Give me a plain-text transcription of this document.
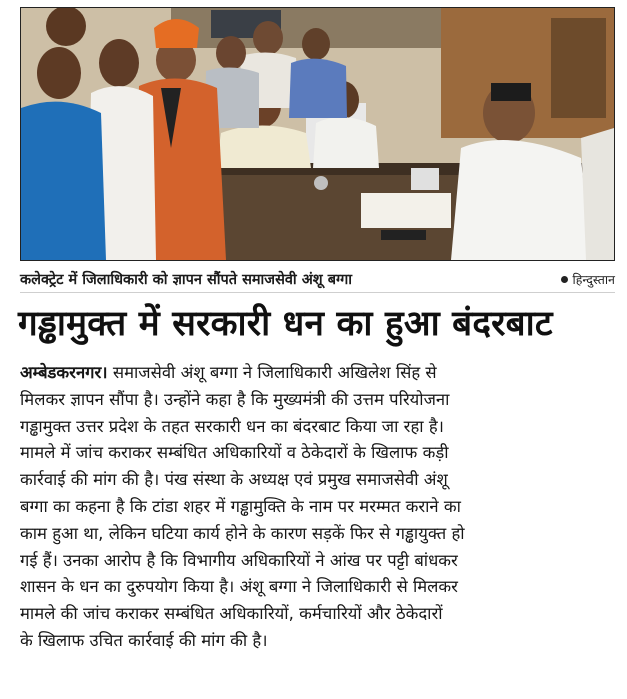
कलेक्ट्रेट में जिलाधिकारी को ज्ञापन सौंपते समाजसेवी अंशू बग्गा	हिन्दुस्तान
गड्ढामुक्त में सरकारी धन का हुआ बंदरबाट
अम्बेडकरनगर। समाजसेवी अंशू बग्गा ने जिलाधिकारी अखिलेश सिंह से
मिलकर ज्ञापन सौंपा है। उन्होंने कहा है कि मुख्यमंत्री की उत्तम परियोजना
गड्ढामुक्त उत्तर प्रदेश के तहत सरकारी धन का बंदरबाट किया जा रहा है।
मामले में जांच कराकर सम्बंधित अधिकारियों व ठेकेदारों के खिलाफ कड़ी
कार्रवाई की मांग की है। पंख संस्था के अध्यक्ष एवं प्रमुख समाजसेवी अंशू
बग्गा का कहना है कि टांडा शहर में गड्ढामुक्ति के नाम पर मरम्मत कराने का
काम हुआ था, लेकिन घटिया कार्य होने के कारण सड़कें फिर से गड्ढायुक्त हो
गई हैं। उनका आरोप है कि विभागीय अधिकारियों ने आंख पर पट्टी बांधकर
शासन के धन का दुरुपयोग किया है। अंशू बग्गा ने जिलाधिकारी से मिलकर
मामले की जांच कराकर सम्बंधित अधिकारियों, कर्मचारियों और ठेकेदारों
के खिलाफ उचित कार्रवाई की मांग की है।
